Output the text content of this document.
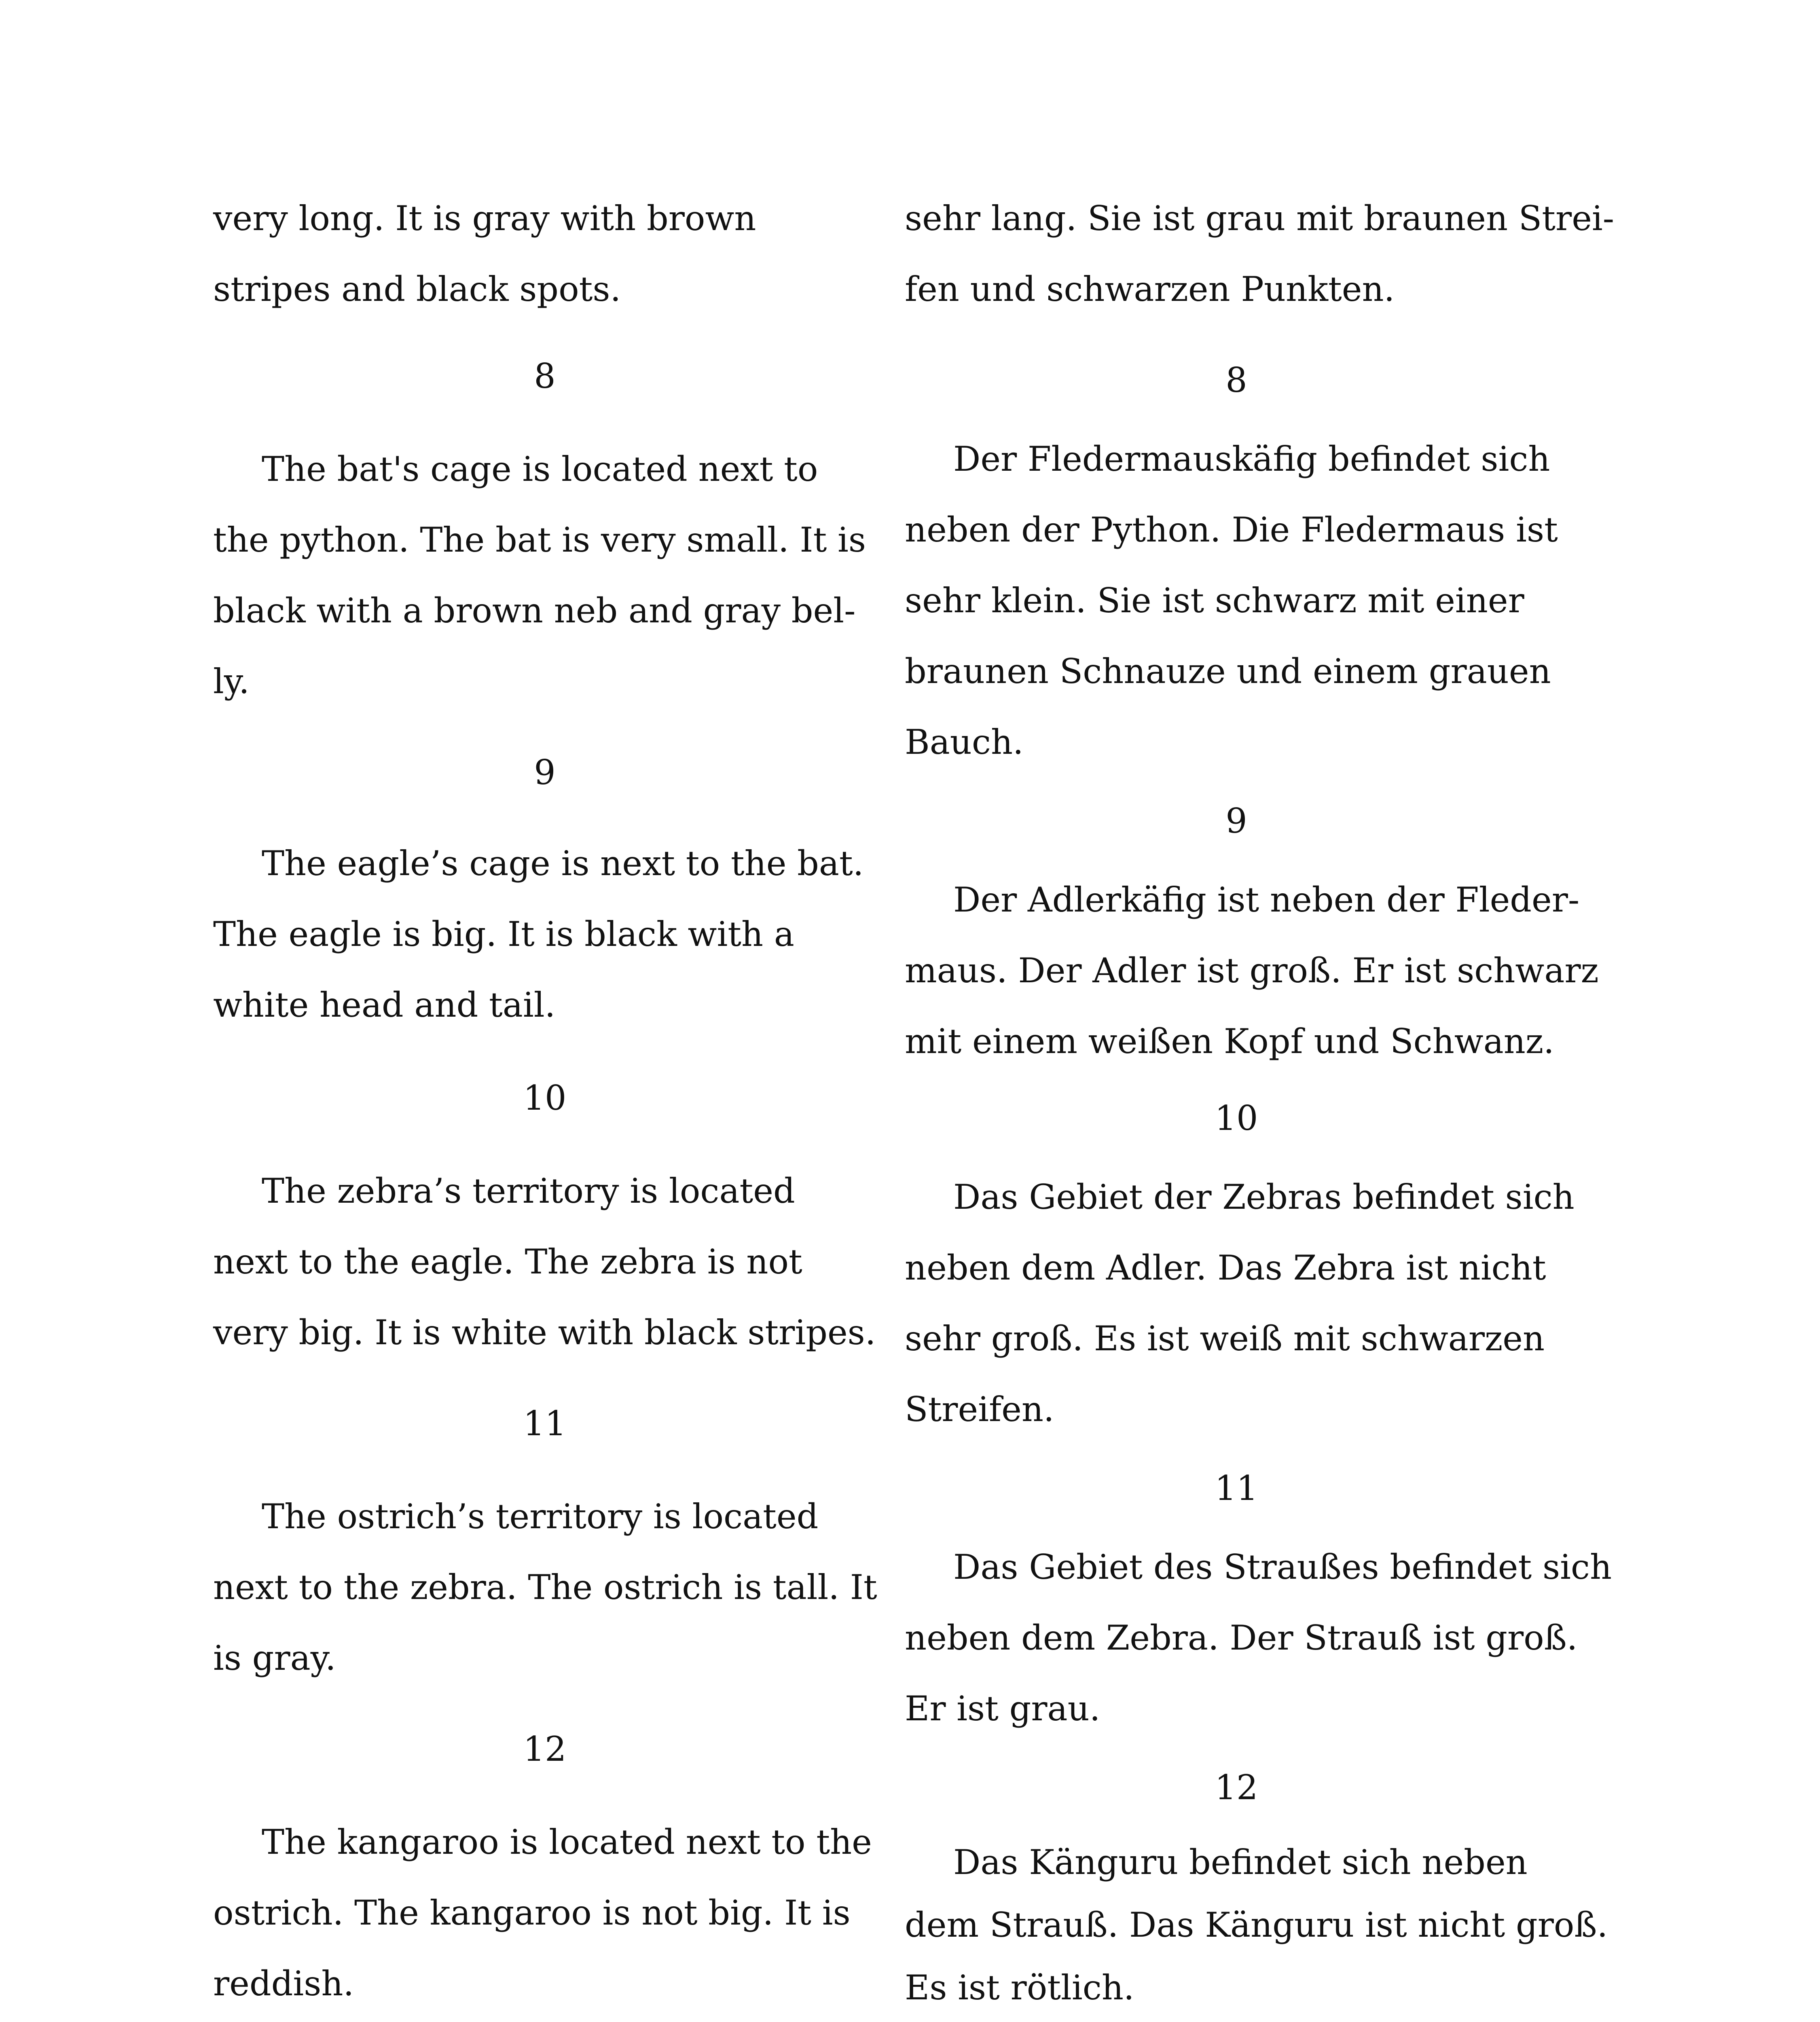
very long. It is gray with brown
stripes and black spots.
8
The bat's cage is located next to
the python. The bat is very small. It is
black with a brown neb and gray bel-
ly.
9
The eagle’s cage is next to the bat.
The eagle is big. It is black with a
white head and tail.
10
The zebra’s territory is located
next to the eagle. The zebra is not
very big. It is white with black stripes.
11
The ostrich’s territory is located
next to the zebra. The ostrich is tall. It
is gray.
12
The kangaroo is located next to the
ostrich. The kangaroo is not big. It is
reddish.
sehr lang. Sie ist grau mit braunen Strei-
fen und schwarzen Punkten.
8
Der Fledermauskäfig befindet sich
neben der Python. Die Fledermaus ist
sehr klein. Sie ist schwarz mit einer
braunen Schnauze und einem grauen
Bauch.
9
Der Adlerkäfig ist neben der Fleder-
maus. Der Adler ist groß. Er ist schwarz
mit einem weißen Kopf und Schwanz.
10
Das Gebiet der Zebras befindet sich
neben dem Adler. Das Zebra ist nicht
sehr groß. Es ist weiß mit schwarzen
Streifen.
11
Das Gebiet des Straußes befindet sich
neben dem Zebra. Der Strauß ist groß.
Er ist grau.
12
Das Känguru befindet sich neben
dem Strauß. Das Känguru ist nicht groß.
Es ist rötlich.
